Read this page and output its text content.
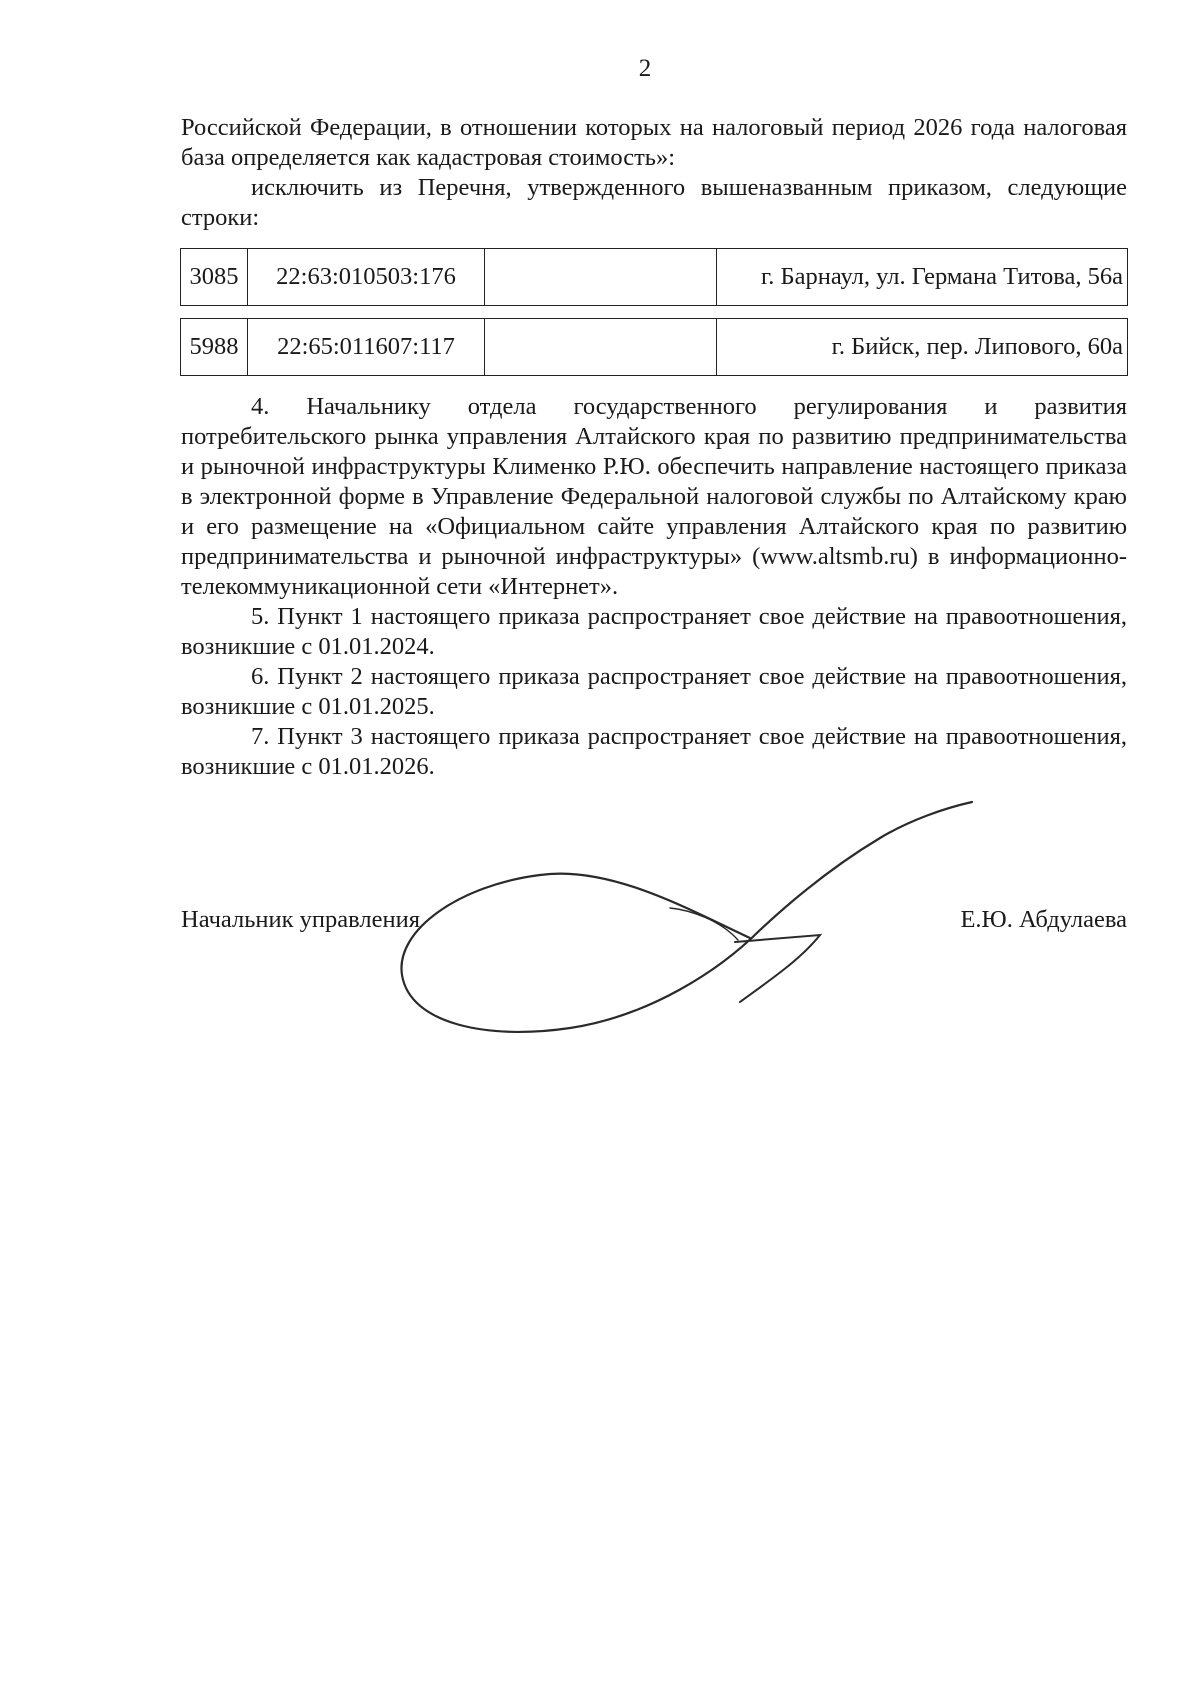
2

Российской Федерации, в отношении которых на налоговый период 2026 года налоговая база определяется как кадастровая стоимость»:

исключить из Перечня, утвержденного вышеназванным приказом, следующие строки:

3085	22:63:010503:176		г. Барнаул, ул. Германа Титова, 56а
5988	22:65:011607:117		г. Бийск, пер. Липового, 60а

4. Начальнику отдела государственного регулирования и развития потребительского рынка управления Алтайского края по развитию предпринимательства и рыночной инфраструктуры Клименко Р.Ю. обеспечить направление настоящего приказа в электронной форме в Управление Федеральной налоговой службы по Алтайскому краю и его размещение на «Официальном сайте управления Алтайского края по развитию предпринимательства и рыночной инфраструктуры» (www.altsmb.ru) в информационно-телекоммуникационной сети «Интернет».

5. Пункт 1 настоящего приказа распространяет свое действие на правоотношения, возникшие с 01.01.2024.

6. Пункт 2 настоящего приказа распространяет свое действие на правоотношения, возникшие с 01.01.2025.

7. Пункт 3 настоящего приказа распространяет свое действие на правоотношения, возникшие с 01.01.2026.

Начальник управления	Е.Ю. Абдулаева
